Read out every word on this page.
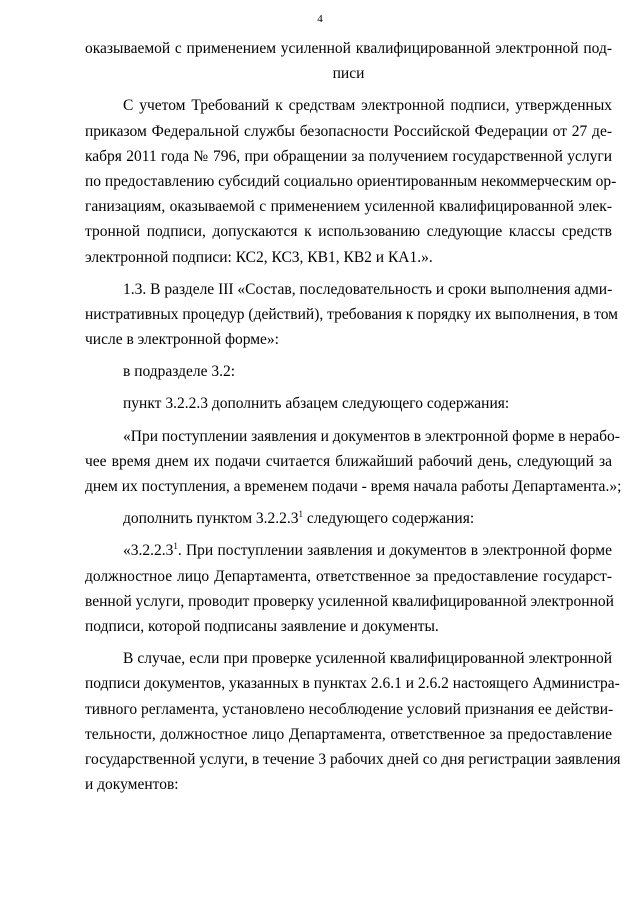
4
оказываемой с применением усиленной квалифицированной электронной под-
писи
С учетом Требований к средствам электронной подписи, утвержденных
приказом Федеральной службы безопасности Российской Федерации от 27 де-
кабря 2011 года № 796, при обращении за получением государственной услуги
по предоставлению субсидий социально ориентированным некоммерческим ор-
ганизациям, оказываемой с применением усиленной квалифицированной элек-
тронной подписи, допускаются к использованию следующие классы средств
электронной подписи: КС2, КС3, КВ1, КВ2 и КА1.».
1.3. В разделе III «Состав, последовательность и сроки выполнения адми-
нистративных процедур (действий), требования к порядку их выполнения, в том
числе в электронной форме»:
в подразделе 3.2:
пункт 3.2.2.3 дополнить абзацем следующего содержания:
«При поступлении заявления и документов в электронной форме в нерабо-
чее время днем их подачи считается ближайший рабочий день, следующий за
днем их поступления, а временем подачи - время начала работы Департамента.»;
дополнить пунктом 3.2.2.3$^1$ следующего содержания:
«3.2.2.3$^1$. При поступлении заявления и документов в электронной форме
должностное лицо Департамента, ответственное за предоставление государст-
венной услуги, проводит проверку усиленной квалифицированной электронной
подписи, которой подписаны заявление и документы.
В случае, если при проверке усиленной квалифицированной электронной
подписи документов, указанных в пунктах 2.6.1 и 2.6.2 настоящего Администра-
тивного регламента, установлено несоблюдение условий признания ее действи-
тельности, должностное лицо Департамента, ответственное за предоставление
государственной услуги, в течение 3 рабочих дней со дня регистрации заявления
и документов:
